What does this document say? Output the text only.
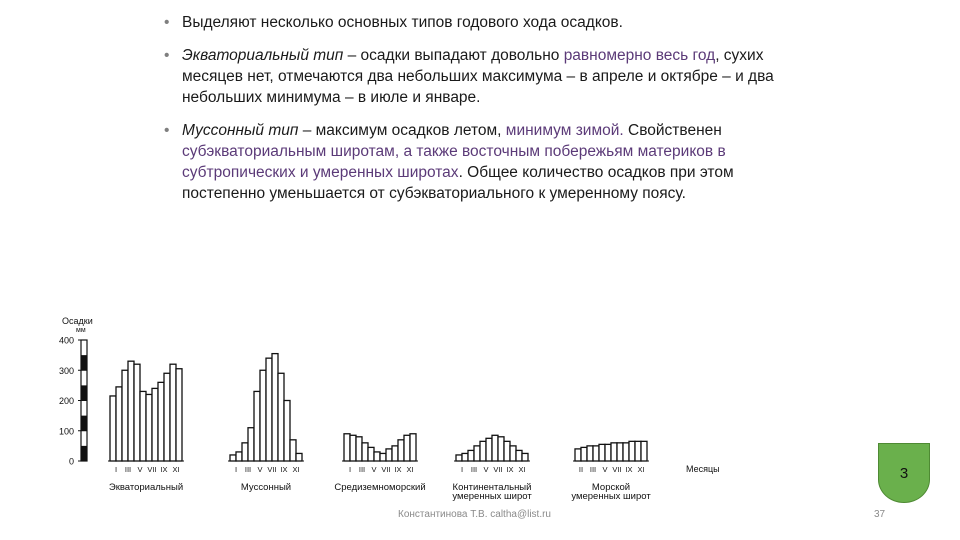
• Выделяют несколько основных типов годового хода осадков.
• Экваториальный тип – осадки выпадают довольно равномерно весь год, сухих месяцев нет, отмечаются два небольших максимума – в апреле и октябре – и два небольших минимума – в июле и январе.
• Муссонный тип – максимум осадков летом, минимум зимой. Свойственен субэкваториальным широтам, а также восточным побережьям материков в субтропических и умеренных широтах. Общее количество осадков при этом постепенно уменьшается от субэкваториального к умеренному поясу.
0
100
200
300
400
Осадки
мм
I III V VII IX XI
Экваториальный
I III V VII IX XI
Муссонный
I III V VII IX XI
Средиземноморский
I III V VII IX XI
Континентальный
умеренных широт
II III V VII IX XI
Морской
умеренных широт
Месяцы
Константинова Т.В. caltha@list.ru	37
3
